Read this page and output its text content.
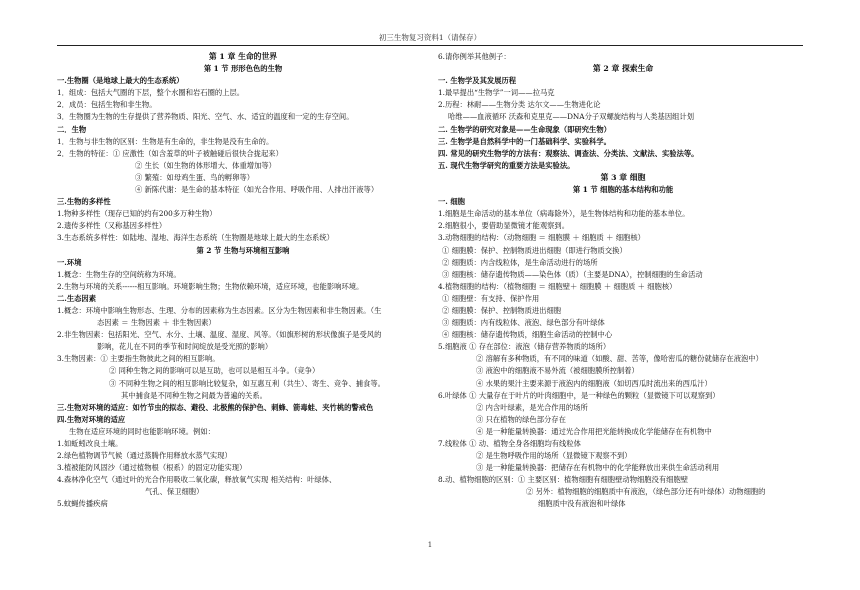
初三生物复习资料1（请保存）
第 1 章 生命的世界
第 1 节 形形色色的生物
一.生物圈（是地球上最大的生态系统）
1．组成：包括大气圈的下层，整个水圈和岩石圈的上层。
2．成员：包括生物和非生物。
3．生物圈为生物的生存提供了营养物质、阳光、空气、水、适宜的温度和一定的生存空间。
二．生物
1．生物与非生物的区别：生物是有生命的，非生物是没有生命的。
2．生物的特征：① 应激性（如含羞草的叶子被触碰后很快合拢起来）
② 生长（如生物的体形增大、体重增加等）
③ 繁殖：如母鸡生蛋、鸟的孵卵等）
④ 新陈代谢：是生命的基本特征（如光合作用、呼吸作用、人排出汗液等）
三.生物的多样性
1.物种多样性（现存已知的约有200多万种生物）
2.遗传多样性（又称基因多样性）
3.生态系统多样性：如陆地、湿地、海洋生态系统（生物圈是地球上最大的生态系统）
第 2 节 生物与环境相互影响
一.环境
1.概念：生物生存的空间统称为环境。
2.生物与环境的关系------相互影响。环境影响生物；生物依赖环境，适应环境，也能影响环境。
二.生态因素
1.概念：环境中影响生物形态、生理、分布的因素称为生态因素。区分为生物因素和非生物因素。（生
态因素 ＝ 生物因素 ＋ 非生物因素）
2.非生物因素：包括阳光、空气、水分、土壤、温度、湿度、风等。（如旗形树的形状像旗子是受风的
影响，花儿在不同的季节和时间绽放是受光照的影响）
3.生物因素：① 主要指生物彼此之间的相互影响。
② 同种生物之间的影响可以是互助，也可以是相互斗争。（竞争）
③ 不同种生物之间的相互影响比较复杂，如互惠互利（共生）、寄生、竞争、捕食等。
其中捕食是不同种生物之间最为普遍的关系。
三.生物对环境的适应：如竹节虫的拟态、避役、北极熊的保护色、刺蜂、箭毒蛙、夹竹桃的警戒色
四.生物对环境的适应
生物在适应环境的同时也能影响环境。例如：
1.如蚯蚓改良土壤。
2.绿色植物调节气候（通过蒸腾作用释放水蒸气实现）
3.植被能防风固沙（通过植物根（根系）的固定功能实现）
4.森林净化空气（通过叶的光合作用吸收二氧化碳，释放氧气实现 相关结构：叶绿体、
气孔、保卫细胞）
5.蚊蝇传播疾病
6.请你例举其他例子：
第 2 章 探索生命
一. 生物学及其发展历程
1.最早提出“生物学”一词——拉马克
2.历程：林耐——生物分类 达尔文——生物进化论
哈维——血液循环 沃森和克里克——DNA分子双螺旋结构与人类基因组计划
二. 生物学的研究对象是——生命现象（即研究生物）
三. 生物学是自然科学中的一门基础科学、实验科学。
四. 常见的研究生物学的方法有：观察法、调查法、分类法、文献法、实验法等。
五. 现代生物学研究的重要方法是实验法。
第 3 章 细胞
第 1 节 细胞的基本结构和功能
一. 细胞
1.细胞是生命活动的基本单位（病毒除外），是生物体结构和功能的基本单位。
2.细胞很小，要借助显微镜才能观察到。
3.动物细胞的结构：（动物细胞 ＝ 细胞膜 ＋ 细胞质 ＋ 细胞核）
① 细胞膜：保护、控制物质进出细胞（即进行物质交换）
② 细胞质：内含线粒体，是生命活动进行的场所
③ 细胞核：储存遗传物质——染色体（质）（主要是DNA），控制细胞的生命活动
4.植物细胞的结构：（植物细胞 ＝ 细胞壁＋ 细胞膜 ＋ 细胞质 ＋ 细胞核）
① 细胞壁：有支持、保护作用
② 细胞膜：保护、控制物质进出细胞
③ 细胞质：内有线粒体、液泡、绿色部分有叶绿体
④ 细胞核：储存遗传物质，细胞生命活动的控制中心
5.细胞液 ① 存在部位：液泡（储存营养物质的场所）
② 溶解有多种物质，有不同的味道（如酸、甜、苦等，像哈密瓜的糖份就储存在液泡中）
③ 液泡中的细胞液不易外流（被细胞膜所控制着）
④ 水果的果汁主要来源于液泡内的细胞液（如切西瓜时流出来的西瓜汁）
6.叶绿体 ① 大量存在于叶片的叶肉细胞中，是一种绿色的颗粒（显微镜下可以观察到）
② 内含叶绿素，是光合作用的场所
③ 只在植物的绿色部分存在
④ 是一种能量转换器：通过光合作用把光能转换成化学能储存在有机物中
7.线粒体 ① 动、植物全身各细胞均有线粒体
② 是生物呼吸作用的场所（显微镜下观察不到）
③ 是一种能量转换器：把储存在有机物中的化学能释放出来供生命活动利用
8.动、植物细胞的区别：① 主要区别：植物细胞有细胞壁动物细胞没有细胞壁
② 另外：植物细胞的细胞质中有液泡，（绿色部分还有叶绿体）动物细胞的
细胞质中没有液泡和叶绿体
1
